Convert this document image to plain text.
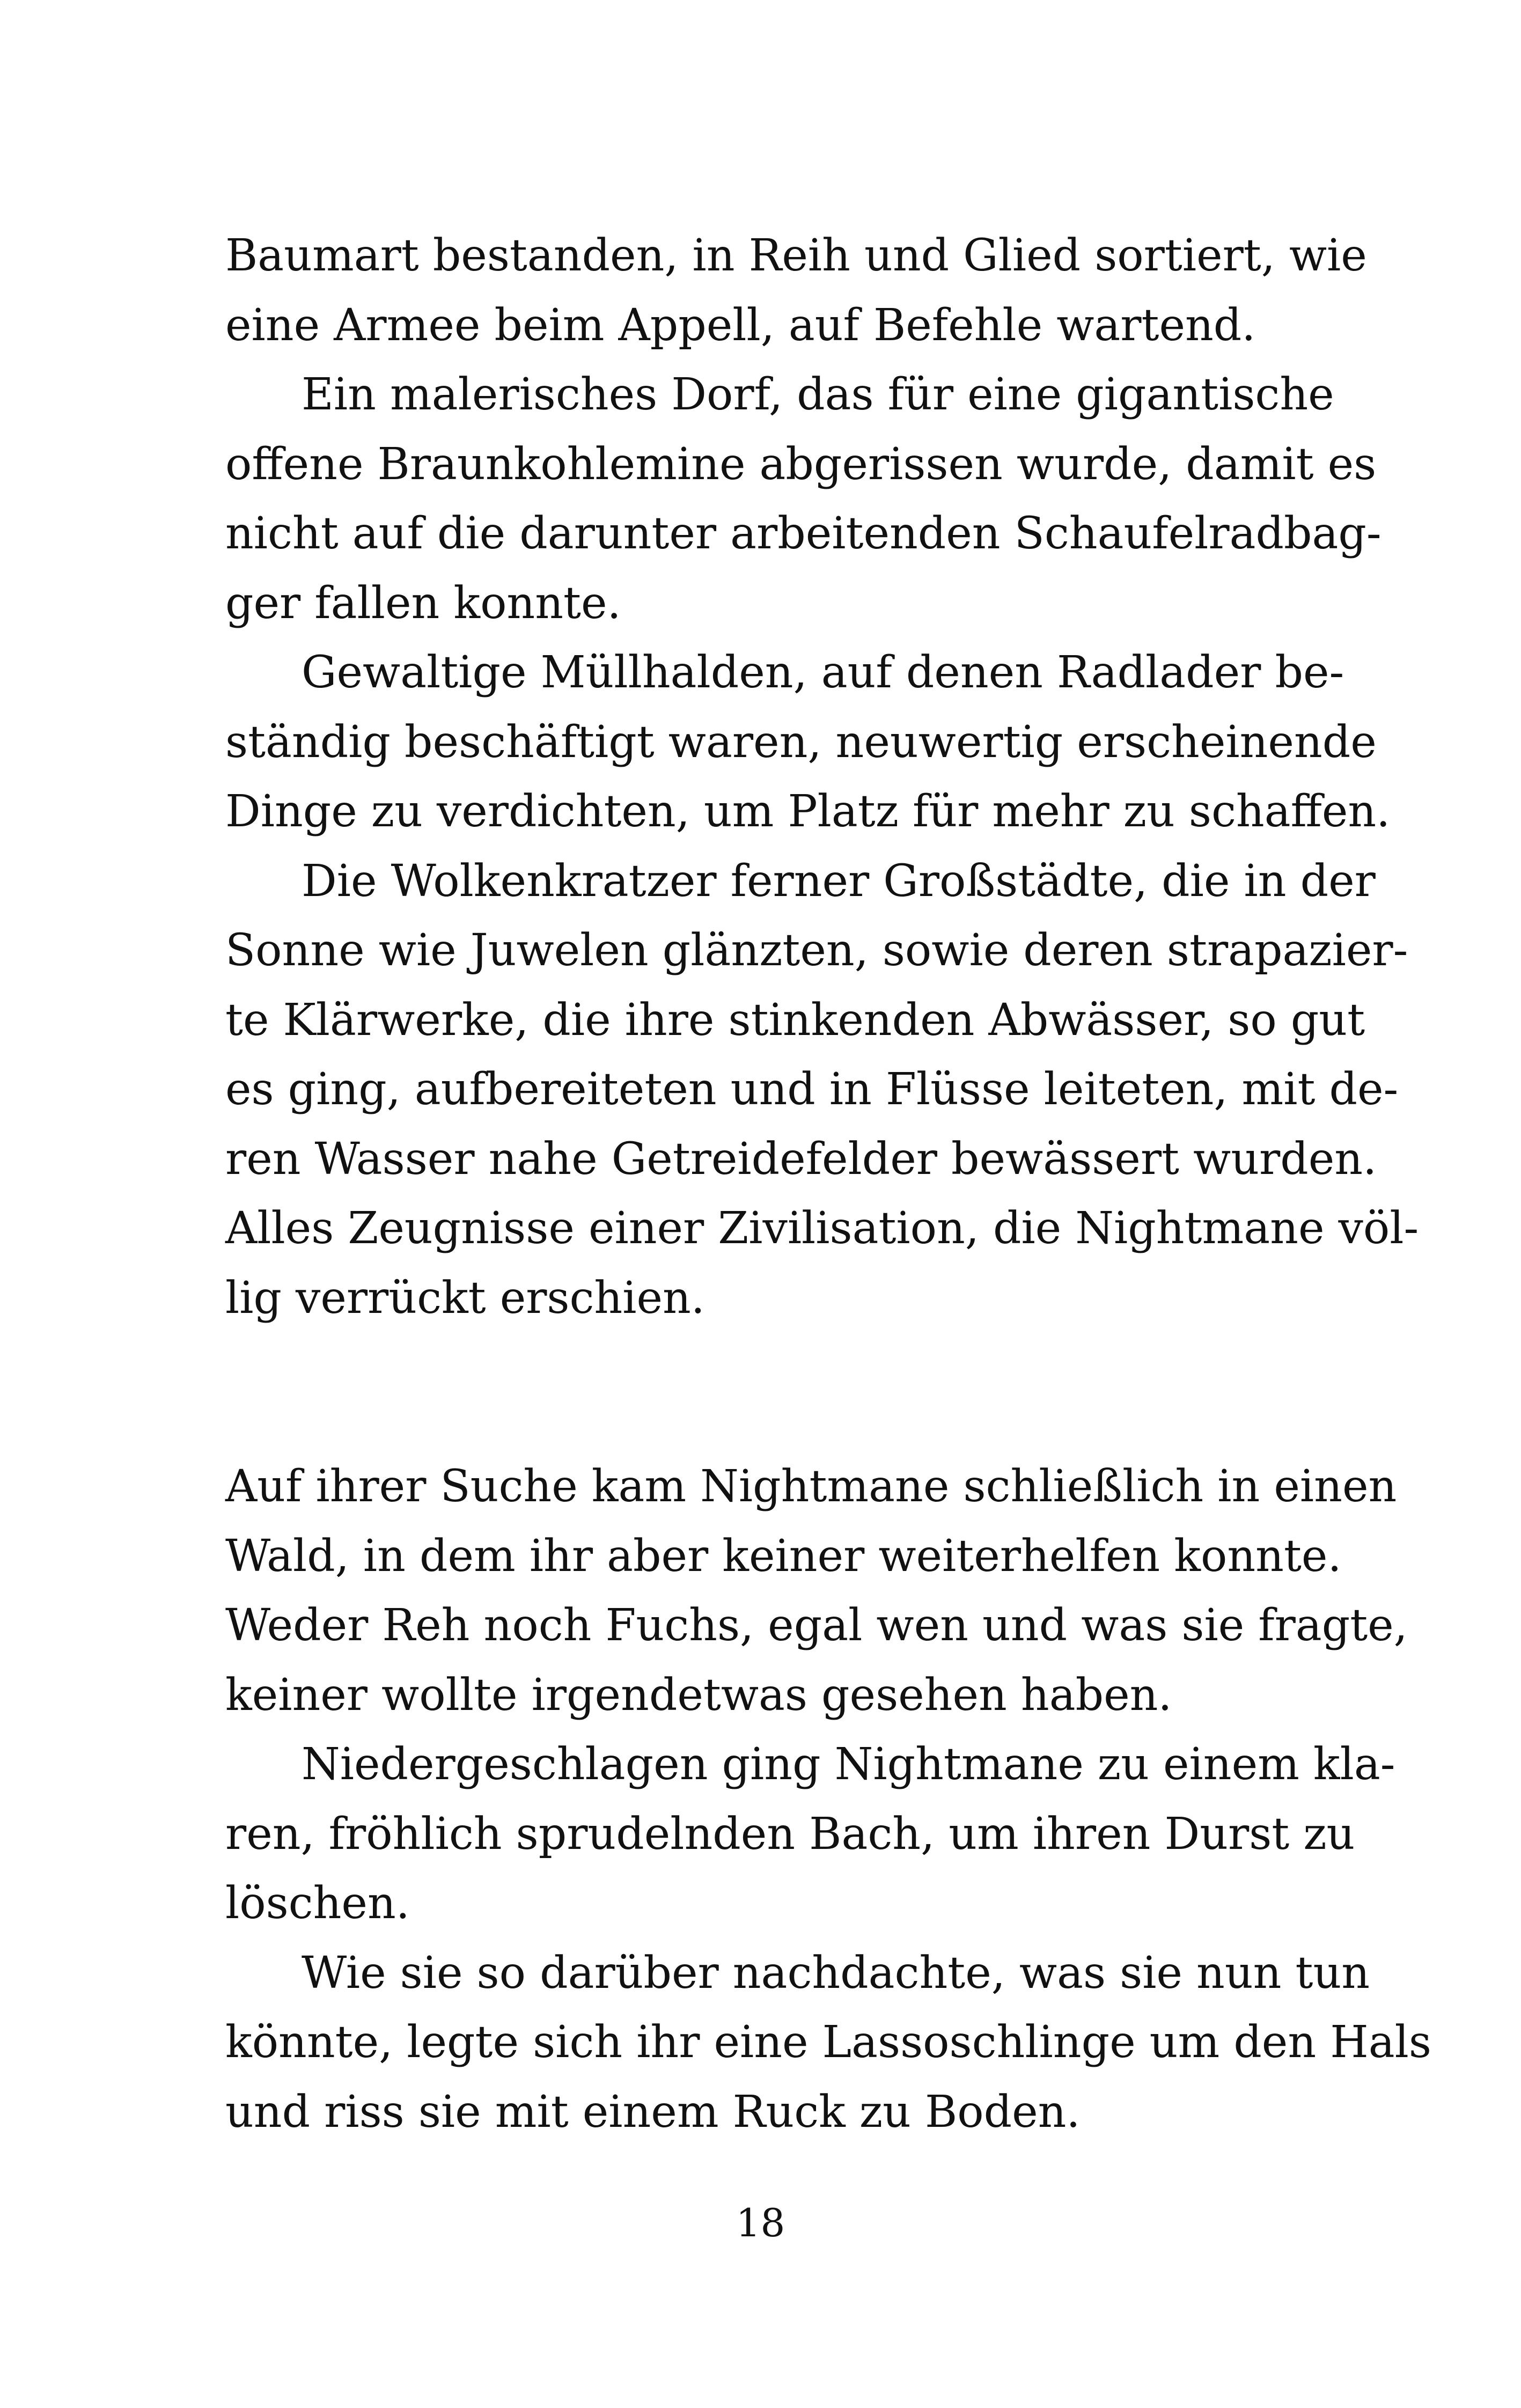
Baumart bestanden, in Reih und Glied sortiert, wie
eine Armee beim Appell, auf Befehle wartend.
Ein malerisches Dorf, das für eine gigantische
offene Braunkohlemine abgerissen wurde, damit es
nicht auf die darunter arbeitenden Schaufelradbag-
ger fallen konnte.
Gewaltige Müllhalden, auf denen Radlader be-
ständig beschäftigt waren, neuwertig erscheinende
Dinge zu verdichten, um Platz für mehr zu schaffen.
Die Wolkenkratzer ferner Großstädte, die in der
Sonne wie Juwelen glänzten, sowie deren strapazier-
te Klärwerke, die ihre stinkenden Abwässer, so gut
es ging, aufbereiteten und in Flüsse leiteten, mit de-
ren Wasser nahe Getreidefelder bewässert wurden.
Alles Zeugnisse einer Zivilisation, die Nightmane völ-
lig verrückt erschien.
Auf ihrer Suche kam Nightmane schließlich in einen
Wald, in dem ihr aber keiner weiterhelfen konnte.
Weder Reh noch Fuchs, egal wen und was sie fragte,
keiner wollte irgendetwas gesehen haben.
Niedergeschlagen ging Nightmane zu einem kla-
ren, fröhlich sprudelnden Bach, um ihren Durst zu
löschen.
Wie sie so darüber nachdachte, was sie nun tun
könnte, legte sich ihr eine Lassoschlinge um den Hals
und riss sie mit einem Ruck zu Boden.
18
